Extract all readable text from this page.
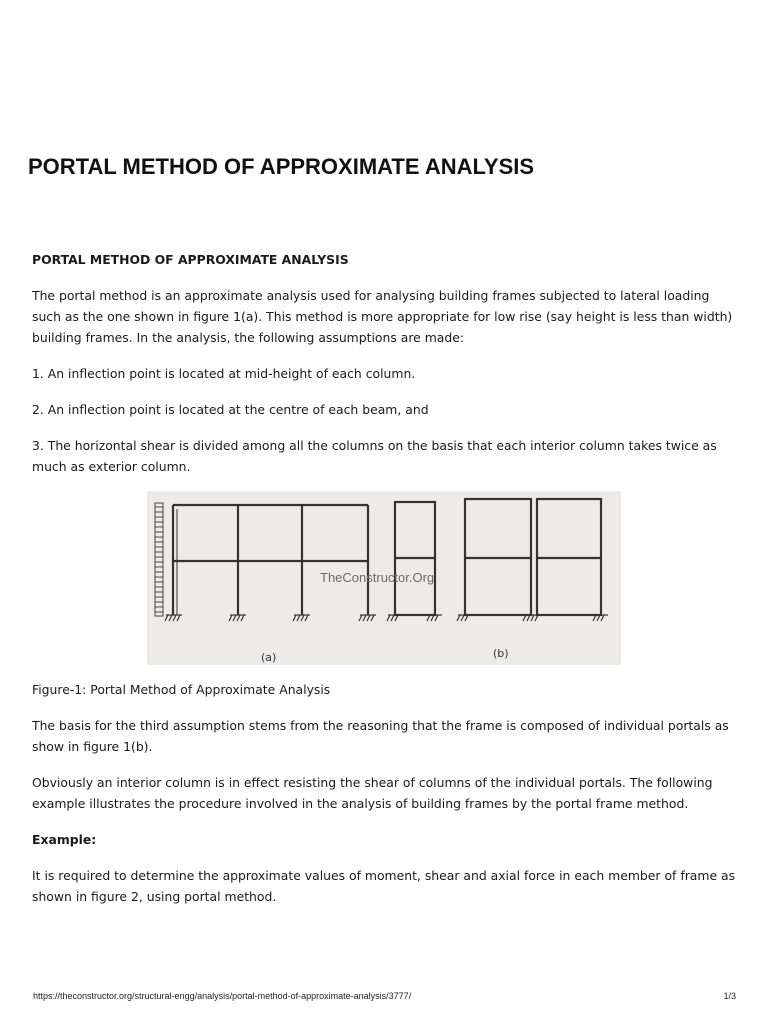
PORTAL METHOD OF APPROXIMATE ANALYSIS

PORTAL METHOD OF APPROXIMATE ANALYSIS

The portal method is an approximate analysis used for analysing building frames subjected to lateral loading such as the one shown in figure 1(a). This method is more appropriate for low rise (say height is less than width) building frames. In the analysis, the following assumptions are made:

1. An inflection point is located at mid-height of each column.

2. An inflection point is located at the centre of each beam, and

3. The horizontal shear is divided among all the columns on the basis that each interior column takes twice as much as exterior column.

TheConstructor.Org
(a)	(b)

Figure-1: Portal Method of Approximate Analysis

The basis for the third assumption stems from the reasoning that the frame is composed of individual portals as show in figure 1(b).

Obviously an interior column is in effect resisting the shear of columns of the individual portals. The following example illustrates the procedure involved in the analysis of building frames by the portal frame method.

Example:

It is required to determine the approximate values of moment, shear and axial force in each member of frame as shown in figure 2, using portal method.

https://theconstructor.org/structural-engg/analysis/portal-method-of-approximate-analysis/3777/	1/3
